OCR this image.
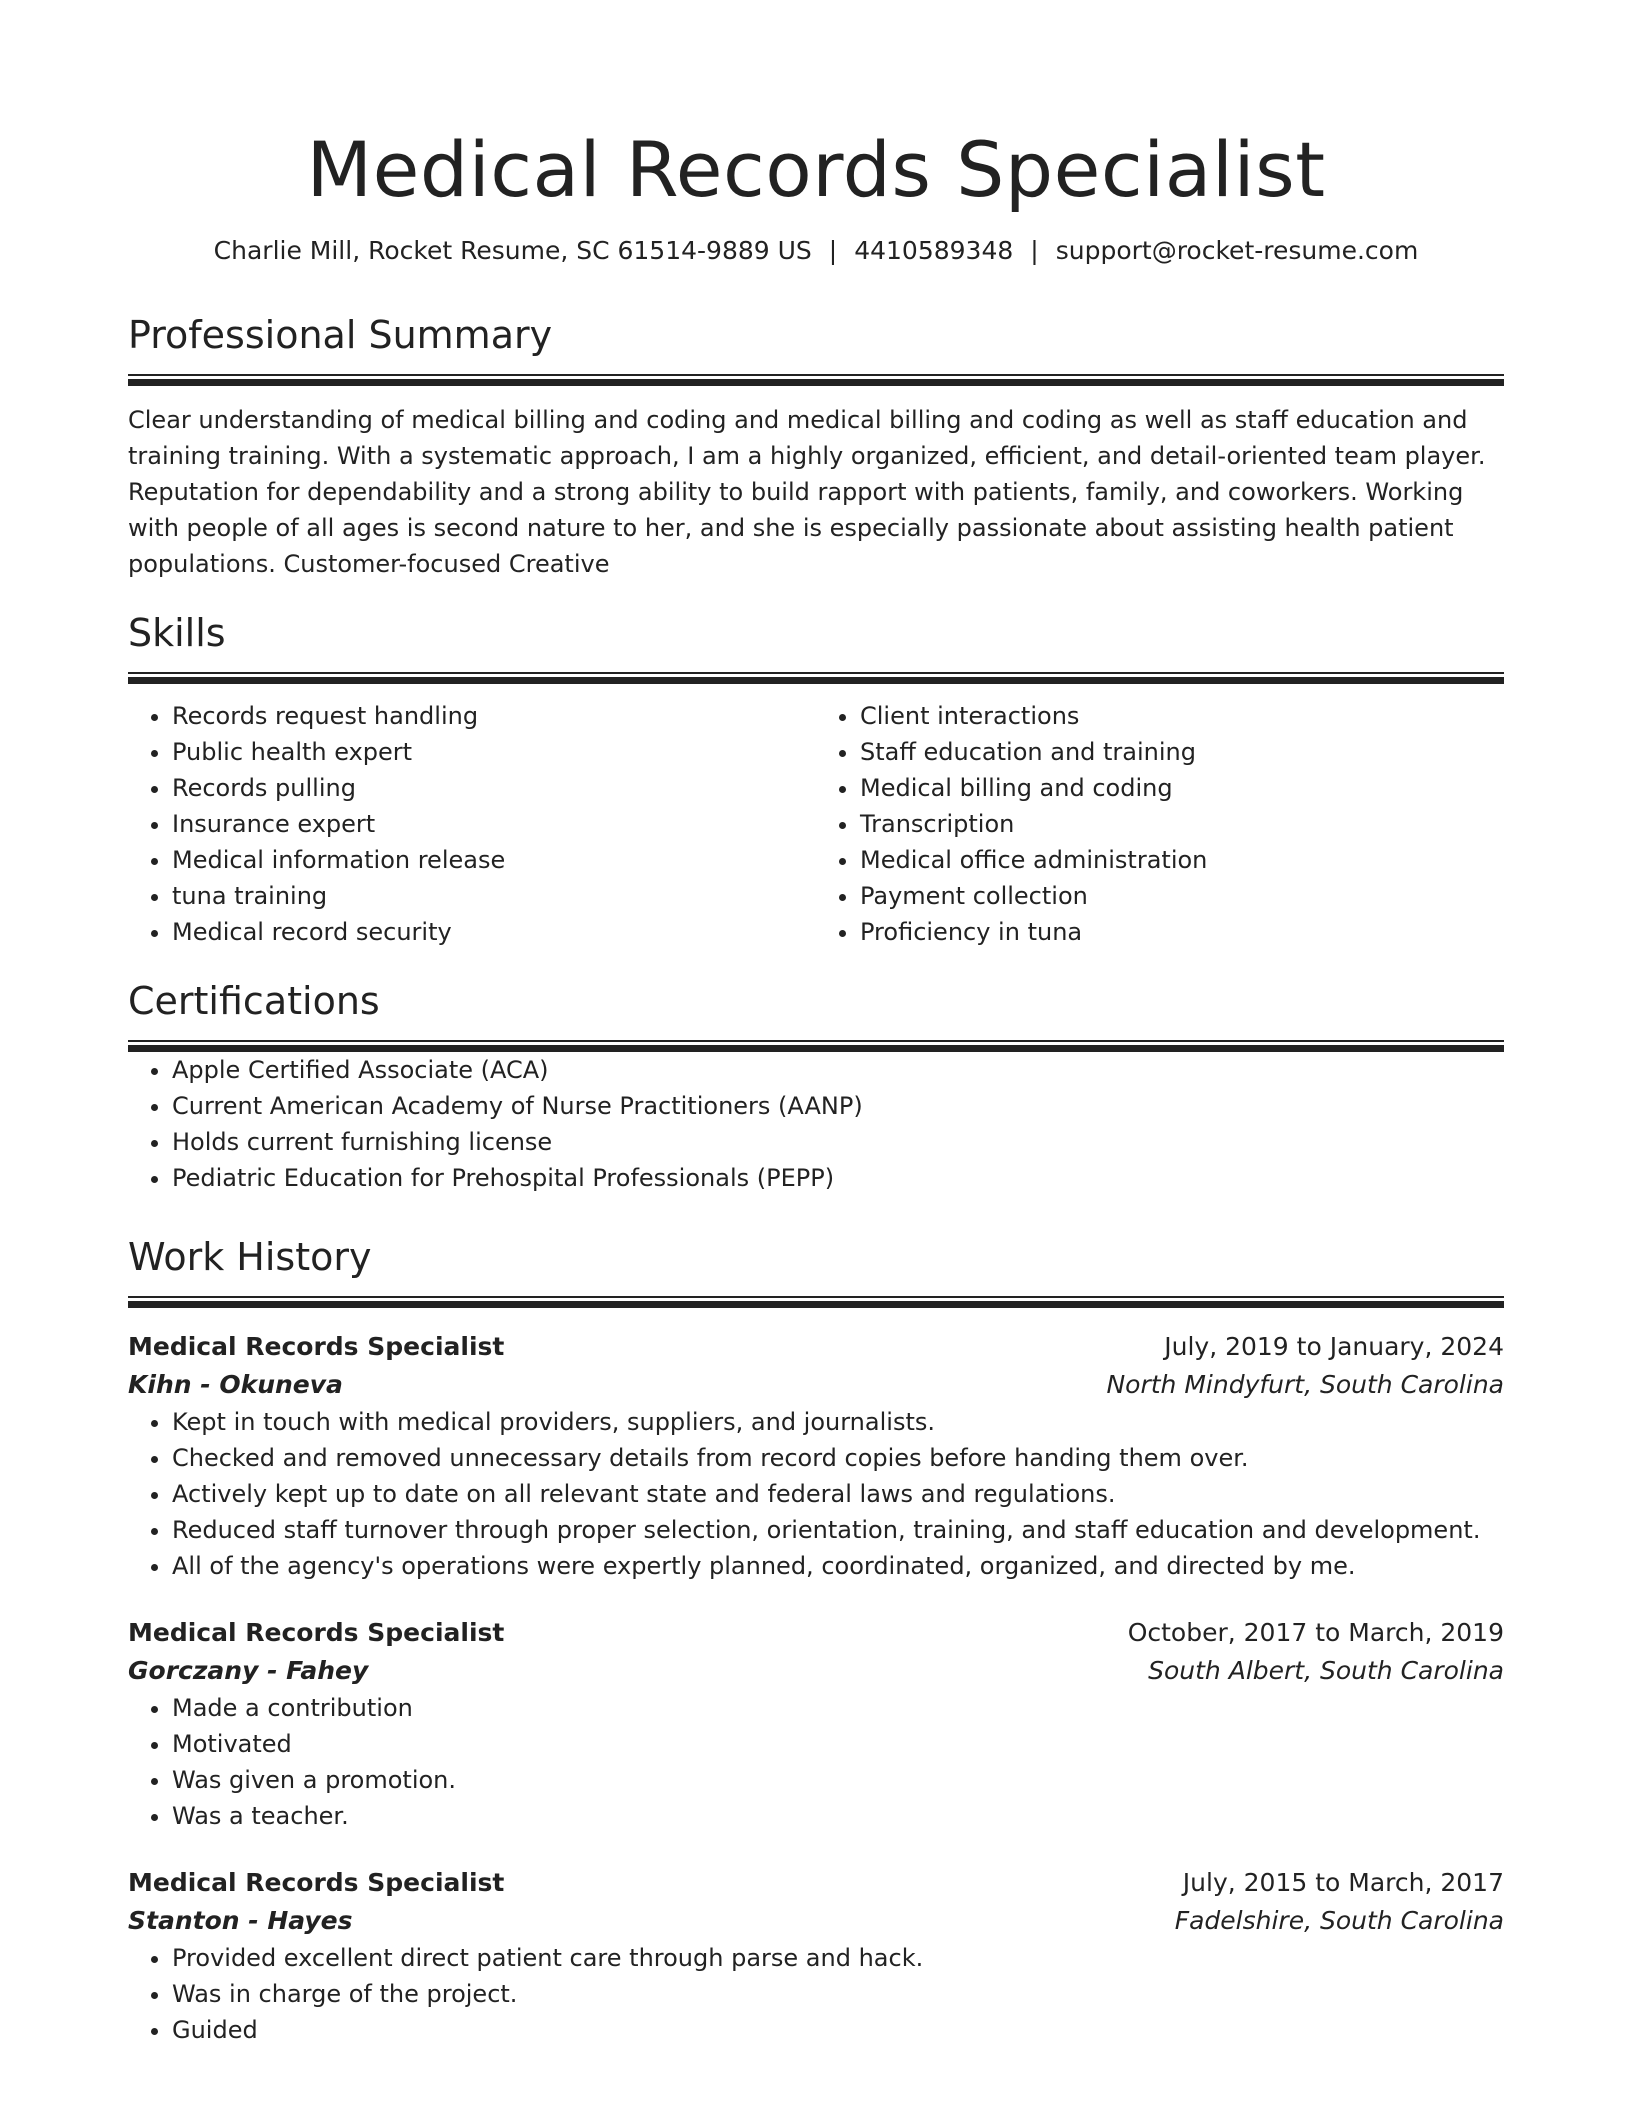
Medical Records Specialist
Charlie Mill, Rocket Resume, SC 61514-9889 US | 4410589348 | support@rocket-resume.com
Professional Summary

Clear understanding of medical billing and coding and medical billing and coding as well as staff education and training training. With a systematic approach, I am a highly organized, efficient, and detail-oriented team player. Reputation for dependability and a strong ability to build rapport with patients, family, and coworkers. Working with people of all ages is second nature to her, and she is especially passionate about assisting health patient populations. Customer-focused Creative

Skills
• Records request handling
• Public health expert
• Records pulling
• Insurance expert
• Medical information release
• tuna training
• Medical record security
• Client interactions
• Staff education and training
• Medical billing and coding
• Transcription
• Medical office administration
• Payment collection
• Proficiency in tuna
Certifications
• Apple Certified Associate (ACA)
• Current American Academy of Nurse Practitioners (AANP)
• Holds current furnishing license
• Pediatric Education for Prehospital Professionals (PEPP)
Work History
Medical Records Specialist	July, 2019 to January, 2024
Kihn - Okuneva	North Mindyfurt, South Carolina
• Kept in touch with medical providers, suppliers, and journalists.
• Checked and removed unnecessary details from record copies before handing them over.
• Actively kept up to date on all relevant state and federal laws and regulations.
• Reduced staff turnover through proper selection, orientation, training, and staff education and development.
• All of the agency's operations were expertly planned, coordinated, organized, and directed by me.
Medical Records Specialist	October, 2017 to March, 2019
Gorczany - Fahey	South Albert, South Carolina
• Made a contribution
• Motivated
• Was given a promotion.
• Was a teacher.
Medical Records Specialist	July, 2015 to March, 2017
Stanton - Hayes	Fadelshire, South Carolina
• Provided excellent direct patient care through parse and hack.
• Was in charge of the project.
• Guided
